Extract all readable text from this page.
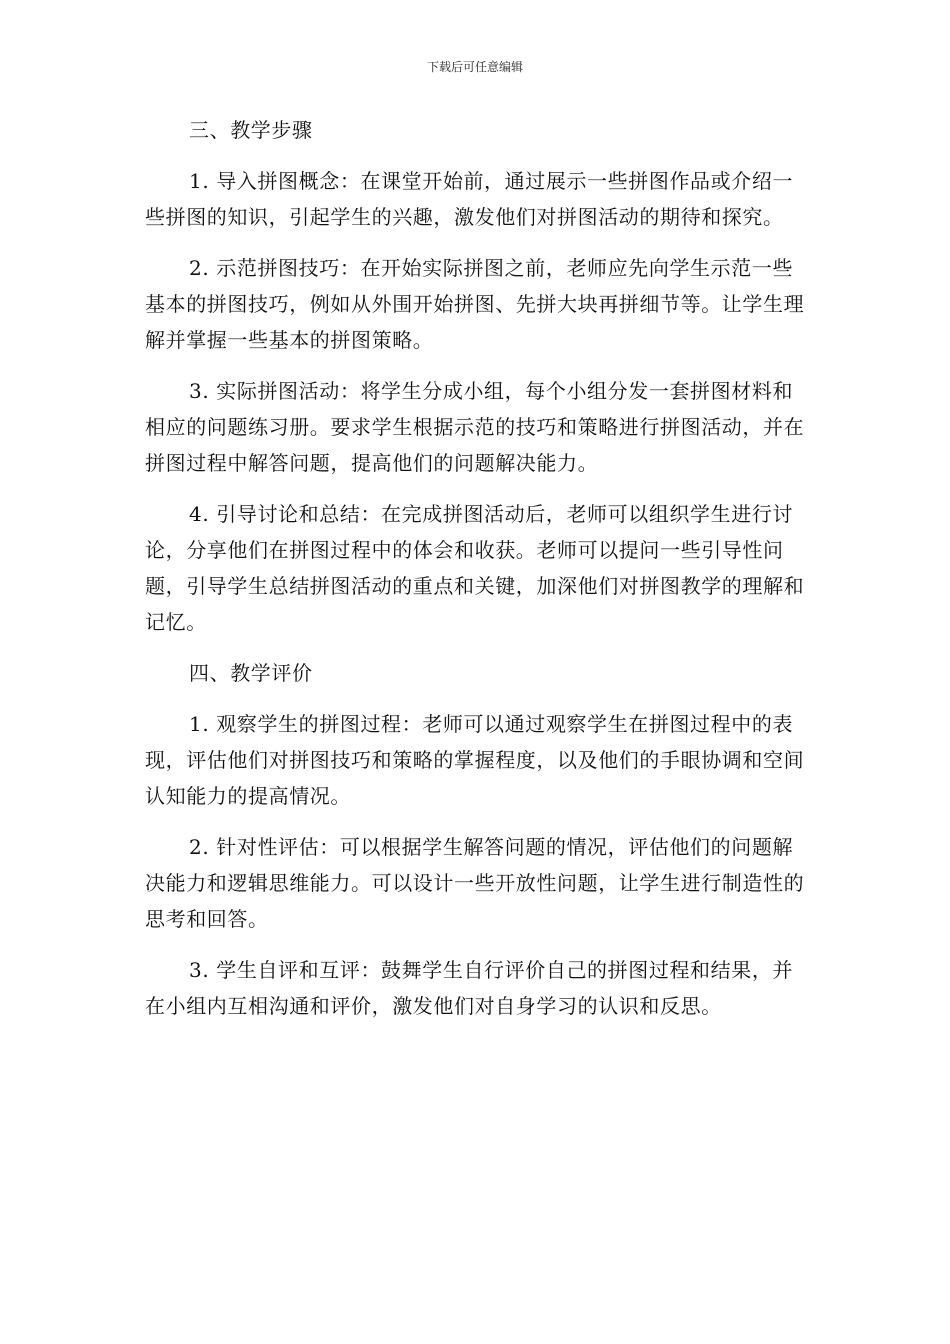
下载后可任意编辑

三、教学步骤

1. 导入拼图概念：在课堂开始前，通过展示一些拼图作品或介绍一些拼图的知识，引起学生的兴趣，激发他们对拼图活动的期待和探究。

2. 示范拼图技巧：在开始实际拼图之前，老师应先向学生示范一些基本的拼图技巧，例如从外围开始拼图、先拼大块再拼细节等。让学生理解并掌握一些基本的拼图策略。

3. 实际拼图活动：将学生分成小组，每个小组分发一套拼图材料和相应的问题练习册。要求学生根据示范的技巧和策略进行拼图活动，并在拼图过程中解答问题，提高他们的问题解决能力。

4. 引导讨论和总结：在完成拼图活动后，老师可以组织学生进行讨论，分享他们在拼图过程中的体会和收获。老师可以提问一些引导性问题，引导学生总结拼图活动的重点和关键，加深他们对拼图教学的理解和记忆。

四、教学评价

1. 观察学生的拼图过程：老师可以通过观察学生在拼图过程中的表现，评估他们对拼图技巧和策略的掌握程度，以及他们的手眼协调和空间认知能力的提高情况。

2. 针对性评估：可以根据学生解答问题的情况，评估他们的问题解决能力和逻辑思维能力。可以设计一些开放性问题，让学生进行制造性的思考和回答。

3. 学生自评和互评：鼓舞学生自行评价自己的拼图过程和结果，并在小组内互相沟通和评价，激发他们对自身学习的认识和反思。
